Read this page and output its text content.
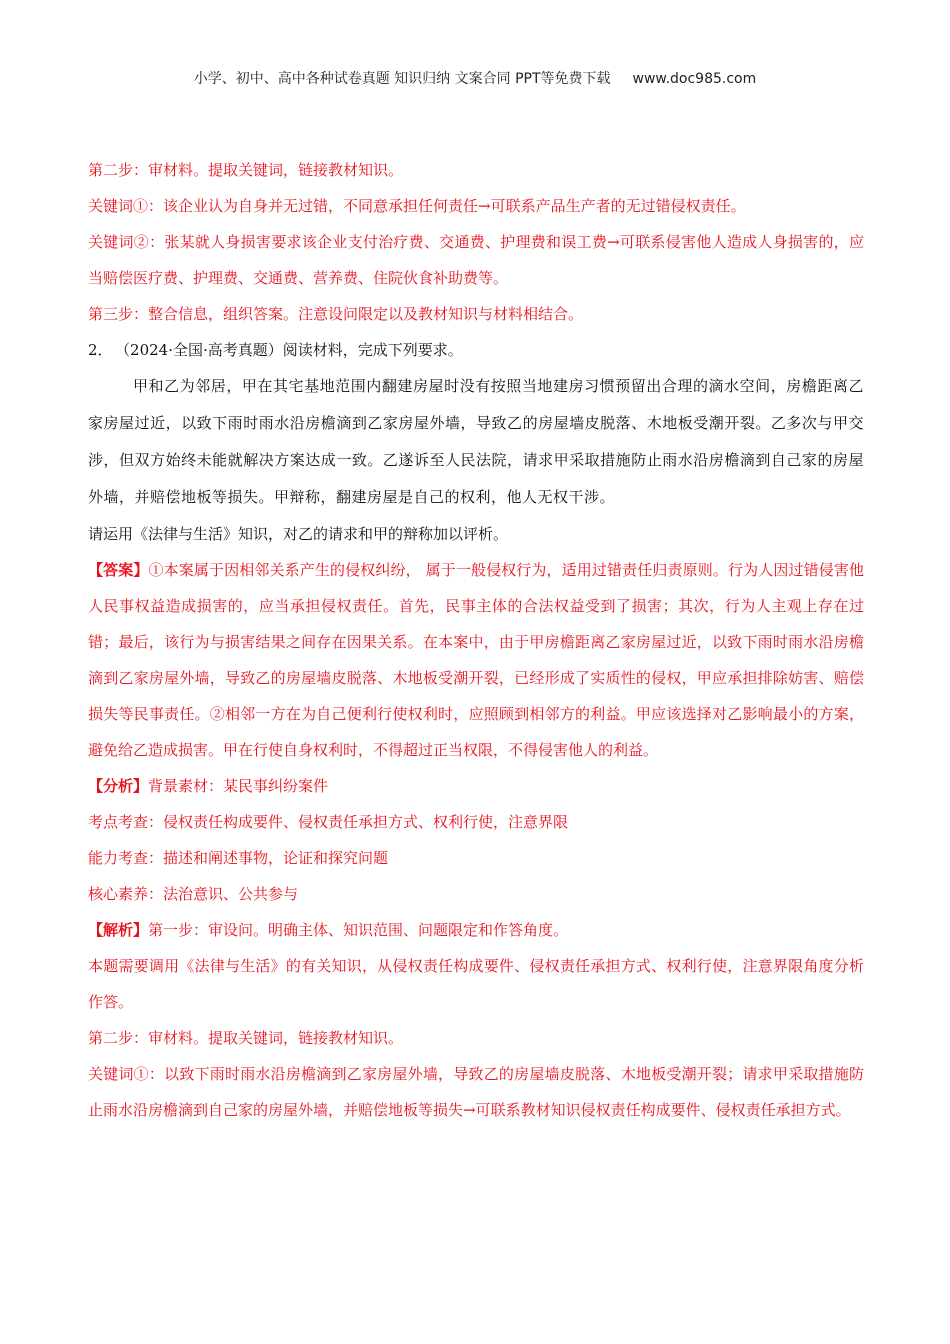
小学、初中、高中各种试卷真题 知识归纳 文案合同 PPT等免费下载 www.doc985.com

第二步：审材料。提取关键词，链接教材知识。

关键词①：该企业认为自身并无过错，不同意承担任何责任→可联系产品生产者的无过错侵权责任。

关键词②：张某就人身损害要求该企业支付治疗费、交通费、护理费和误工费→可联系侵害他人造成人身损害的，应当赔偿医疗费、护理费、交通费、营养费、住院伙食补助费等。

第三步：整合信息，组织答案。注意设问限定以及教材知识与材料相结合。

2． （2024·全国·高考真题）阅读材料，完成下列要求。

甲和乙为邻居，甲在其宅基地范围内翻建房屋时没有按照当地建房习惯预留出合理的滴水空间，房檐距离乙家房屋过近，以致下雨时雨水沿房檐滴到乙家房屋外墙，导致乙的房屋墙皮脱落、木地板受潮开裂。乙多次与甲交涉，但双方始终未能就解决方案达成一致。乙遂诉至人民法院，请求甲采取措施防止雨水沿房檐滴到自己家的房屋外墙，并赔偿地板等损失。甲辩称，翻建房屋是自己的权利，他人无权干涉。

请运用《法律与生活》知识，对乙的请求和甲的辩称加以评析。

【答案】①本案属于因相邻关系产生的侵权纠纷， 属于一般侵权行为，适用过错责任归责原则。行为人因过错侵害他人民事权益造成损害的，应当承担侵权责任。首先，民事主体的合法权益受到了损害；其次，行为人主观上存在过错；最后，该行为与损害结果之间存在因果关系。在本案中，由于甲房檐距离乙家房屋过近，以致下雨时雨水沿房檐滴到乙家房屋外墙，导致乙的房屋墙皮脱落、木地板受潮开裂，已经形成了实质性的侵权，甲应承担排除妨害、赔偿损失等民事责任。②相邻一方在为自己便利行使权利时，应照顾到相邻方的利益。甲应该选择对乙影响最小的方案，避免给乙造成损害。甲在行使自身权利时，不得超过正当权限，不得侵害他人的利益。

【分析】背景素材：某民事纠纷案件

考点考查：侵权责任构成要件、侵权责任承担方式、权利行使，注意界限

能力考查：描述和阐述事物，论证和探究问题

核心素养：法治意识、公共参与

【解析】第一步：审设问。明确主体、知识范围、问题限定和作答角度。

本题需要调用《法律与生活》的有关知识，从侵权责任构成要件、侵权责任承担方式、权利行使，注意界限角度分析作答。

第二步：审材料。提取关键词，链接教材知识。

关键词①：以致下雨时雨水沿房檐滴到乙家房屋外墙，导致乙的房屋墙皮脱落、木地板受潮开裂；请求甲采取措施防止雨水沿房檐滴到自己家的房屋外墙，并赔偿地板等损失→可联系教材知识侵权责任构成要件、侵权责任承担方式。
